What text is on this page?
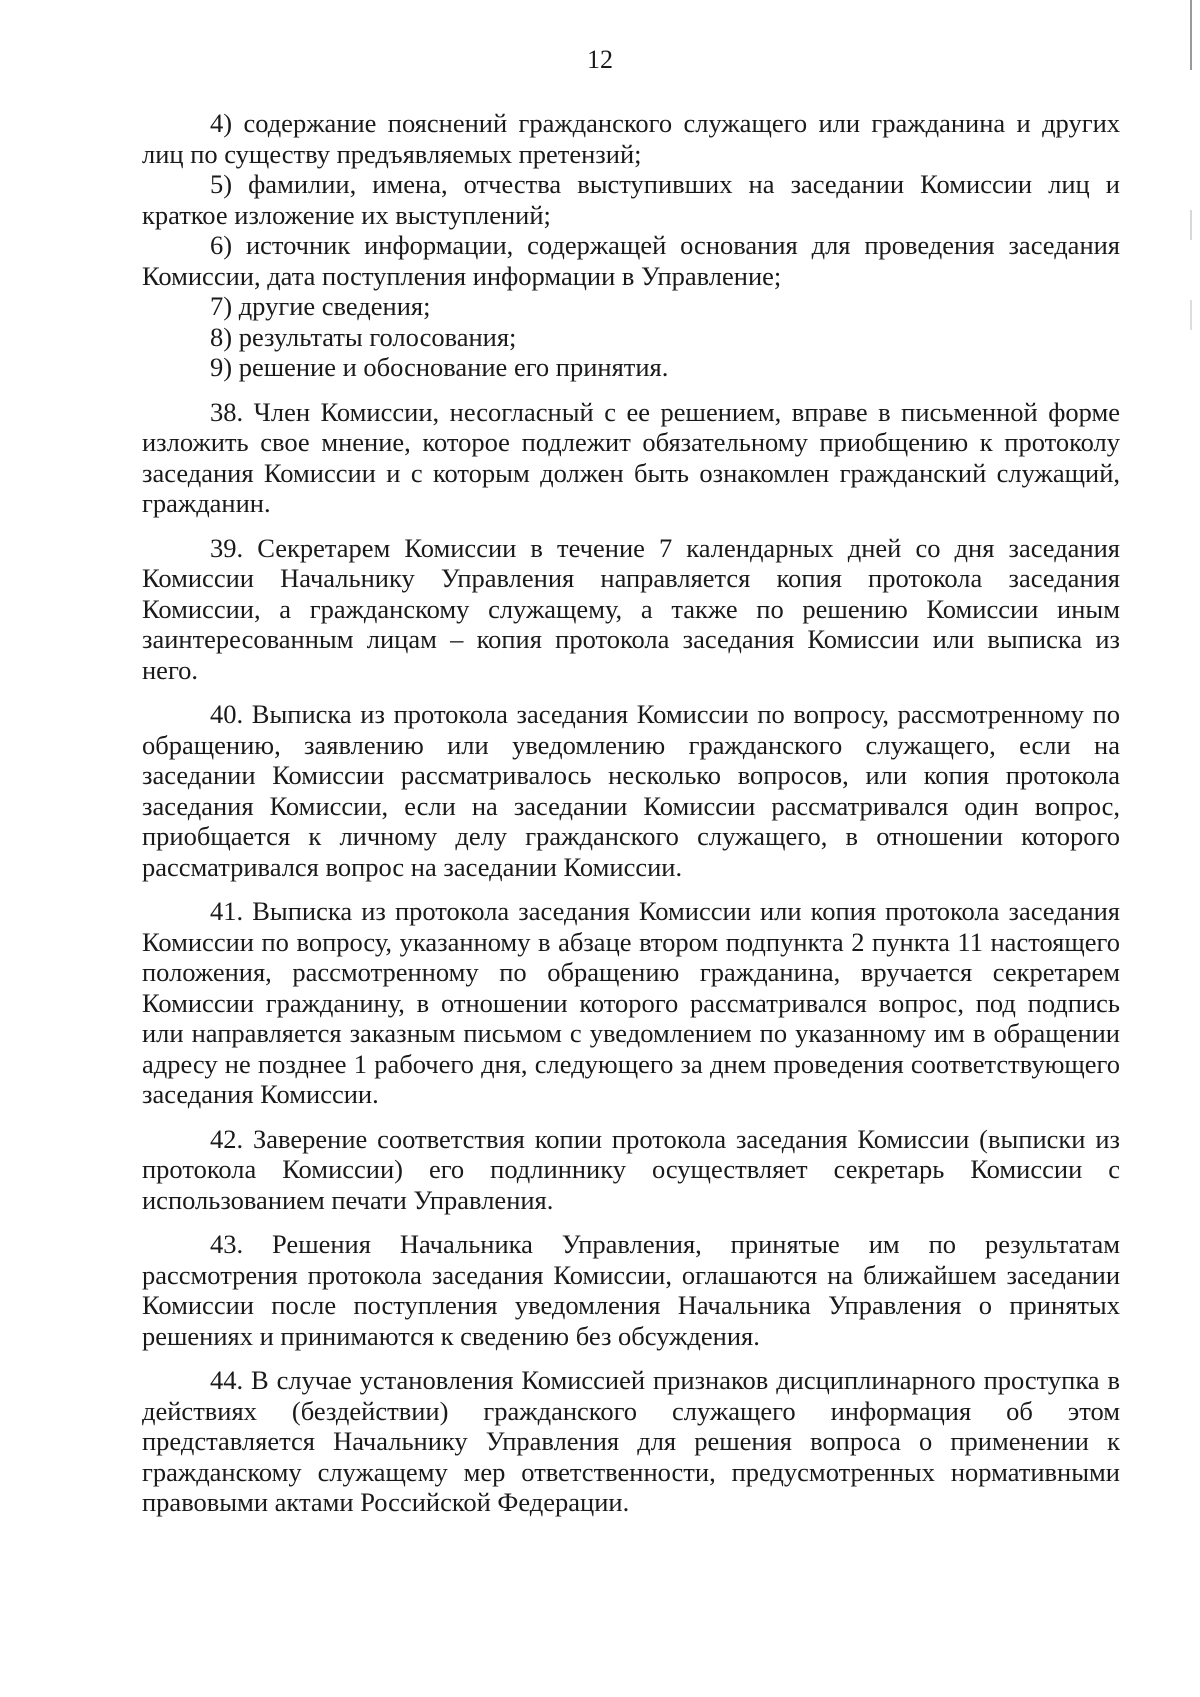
12

4) содержание пояснений гражданского служащего или гражданина и других лиц по существу предъявляемых претензий;

5) фамилии, имена, отчества выступивших на заседании Комиссии лиц и краткое изложение их выступлений;

6) источник информации, содержащей основания для проведения заседания Комиссии, дата поступления информации в Управление;

7) другие сведения;

8) результаты голосования;

9) решение и обоснование его принятия.

38. Член Комиссии, несогласный с ее решением, вправе в письменной форме изложить свое мнение, которое подлежит обязательному приобщению к протоколу заседания Комиссии и с которым должен быть ознакомлен гражданский служащий, гражданин.

39. Секретарем Комиссии в течение 7 календарных дней со дня заседания Комиссии Начальнику Управления направляется копия протокола заседания Комиссии, а гражданскому служащему, а также по решению Комиссии иным заинтересованным лицам – копия протокола заседания Комиссии или выписка из него.

40. Выписка из протокола заседания Комиссии по вопросу, рассмотренному по обращению, заявлению или уведомлению гражданского служащего, если на заседании Комиссии рассматривалось несколько вопросов, или копия протокола заседания Комиссии, если на заседании Комиссии рассматривался один вопрос, приобщается к личному делу гражданского служащего, в отношении которого рассматривался вопрос на заседании Комиссии.

41. Выписка из протокола заседания Комиссии или копия протокола заседания Комиссии по вопросу, указанному в абзаце втором подпункта 2 пункта 11 настоящего положения, рассмотренному по обращению гражданина, вручается секретарем Комиссии гражданину, в отношении которого рассматривался вопрос, под подпись или направляется заказным письмом с уведомлением по указанному им в обращении адресу не позднее 1 рабочего дня, следующего за днем проведения соответствующего заседания Комиссии.

42. Заверение соответствия копии протокола заседания Комиссии (выписки из протокола Комиссии) его подлиннику осуществляет секретарь Комиссии с использованием печати Управления.

43. Решения Начальника Управления, принятые им по результатам рассмотрения протокола заседания Комиссии, оглашаются на ближайшем заседании Комиссии после поступления уведомления Начальника Управления о принятых решениях и принимаются к сведению без обсуждения.

44. В случае установления Комиссией признаков дисциплинарного проступка в действиях (бездействии) гражданского служащего информация об этом представляется Начальнику Управления для решения вопроса о применении к гражданскому служащему мер ответственности, предусмотренных нормативными правовыми актами Российской Федерации.
